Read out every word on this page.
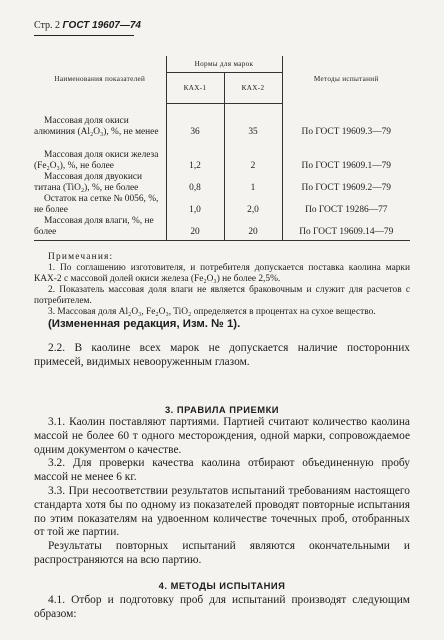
Стр. 2 ГОСТ 19607—74
Наименования показателей	Нормы для марок		Методы испытаний
	КАХ-1	КАХ-2	
Массовая доля окиси алюминия (Al₂O₃), %, не менее	36	35	По ГОСТ 19609.3—79
Массовая доля окиси железа (Fe₂O₃), %, не более	1,2	2	По ГОСТ 19609.1—79
Массовая доля двуокиси титана (TiO₂), %, не более	0,8	1	По ГОСТ 19609.2—79
Остаток на сетке № 0056, %, не более	1,0	2,0	По ГОСТ 19286—77
Массовая доля влаги, %, не более	20	20	По ГОСТ 19609.14—79

Примечания:

1. По соглашению изготовителя, и потребителя допускается поставка каолина марки КАХ-2 с массовой долей окиси железа (Fe₂O₃) не более 2,5%.

2. Показатель массовая доля влаги не является браковочным и служит для расчетов с потребителем.

3. Массовая доля Al₂O₃, Fe₂O₃, TiO₂ определяется в процентах на сухое вещество.

(Измененная редакция, Изм. № 1).

2.2. В каолине всех марок не допускается наличие посторонних примесей, видимых невооруженным глазом.

3. ПРАВИЛА ПРИЕМКИ

3.1. Каолин поставляют партиями. Партией считают количество каолина массой не более 60 т одного месторождения, одной марки, сопровождаемое одним документом о качестве.

3.2. Для проверки качества каолина отбирают объединенную пробу массой не менее 6 кг.

3.3. При несоответствии результатов испытаний требованиям настоящего стандарта хотя бы по одному из показателей проводят повторные испытания по этим показателям на удвоенном количестве точечных проб, отобранных от той же партии.

Результаты повторных испытаний являются окончательными и распространяются на всю партию.

4. МЕТОДЫ ИСПЫТАНИЯ

4.1. Отбор и подготовку проб для испытаний производят следующим образом:
